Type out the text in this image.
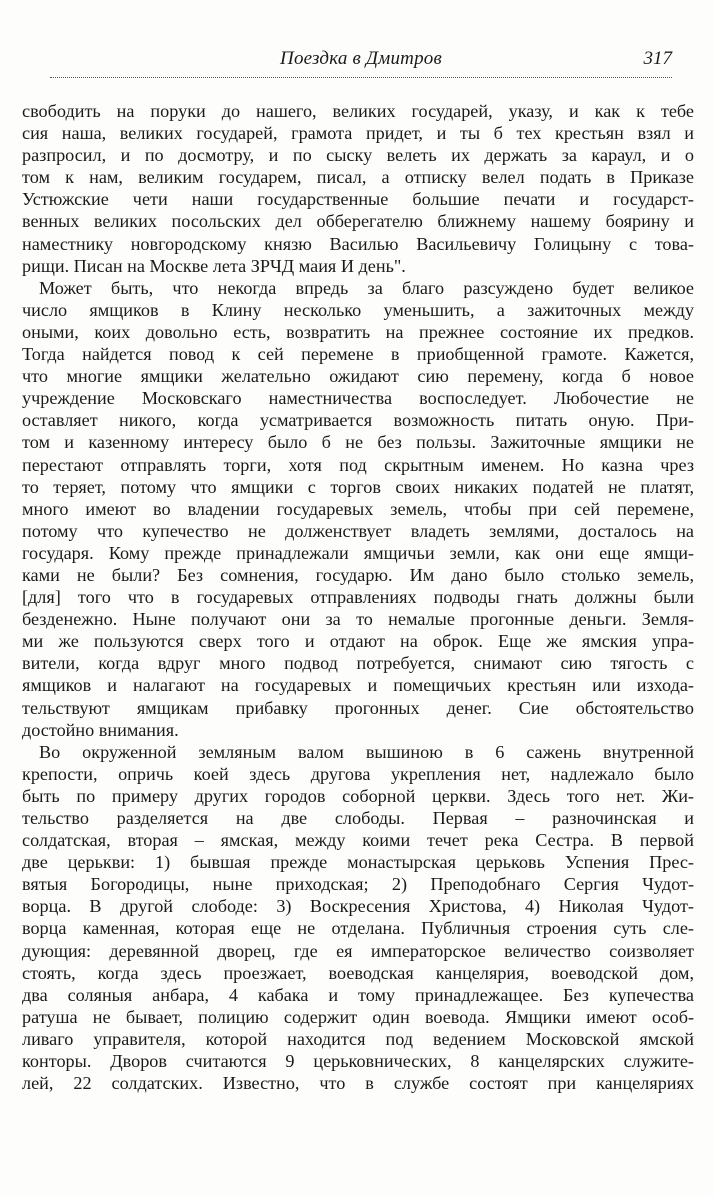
Поездка в Дмитров	317

свободить на поруки до нашего, великих государей, указу, и как к тебе
сия наша, великих государей, грамота придет, и ты б тех крестьян взял и
разпросил, и по досмотру, и по сыску велеть их держать за караул, и о
том к нам, великим государем, писал, а отписку велел подать в Приказе
Устюжские чети наши государственные большие печати и государст-
венных великих посольских дел обберегателю ближнему нашему боярину и
наместнику новгородскому князю Василью Васильевичу Голицыну с това-
рищи. Писан на Москве лета ЗРЧД маия И день".

Может быть, что некогда впредь за благо разсуждено будет великое
число ямщиков в Клину несколько уменьшить, а зажиточных между
оными, коих довольно есть, возвратить на прежнее состояние их предков.
Тогда найдется повод к сей перемене в приобщенной грамоте. Кажется,
что многие ямщики желательно ожидают сию перемену, когда б новое
учреждение Московскаго наместничества воспоследует. Любочестие не
оставляет никого, когда усматривается возможность питать оную. При-
том и казенному интересу было б не без пользы. Зажиточные ямщики не
перестают отправлять торги, хотя под скрытным именем. Но казна чрез
то теряет, потому что ямщики с торгов своих никаких податей не платят,
много имеют во владении государевых земель, чтобы при сей перемене,
потому что купечество не долженствует владеть землями, досталось на
государя. Кому прежде принадлежали ямщичьи земли, как они еще ямщи-
ками не были? Без сомнения, государю. Им дано было столько земель,
[для] того что в государевых отправлениях подводы гнать должны были
безденежно. Ныне получают они за то немалые прогонные деньги. Земля-
ми же пользуются сверх того и отдают на оброк. Еще же ямския упра-
вители, когда вдруг много подвод потребуется, снимают сию тягость с
ямщиков и налагают на государевых и помещичьих крестьян или изхода-
тельствуют ямщикам прибавку прогонных денег. Сие обстоятельство
достойно внимания.

Во окруженной земляным валом вышиною в 6 сажень внутренной
крепости, опричь коей здесь другова укрепления нет, надлежало было
быть по примеру других городов соборной церкви. Здесь того нет. Жи-
тельство разделяется на две слободы. Первая – разночинская и
солдатская, вторая – ямская, между коими течет река Сестра. В первой
две церькви: 1) бывшая прежде монастырская церьковь Успения Прес-
вятыя Богородицы, ныне приходская; 2) Преподобнаго Сергия Чудот-
ворца. В другой слободе: 3) Воскресения Христова, 4) Николая Чудот-
ворца каменная, которая еще не отделана. Публичныя строения суть сле-
дующия: деревянной дворец, где ея императорское величество соизволяет
стоять, когда здесь проезжает, воеводская канцелярия, воеводской дом,
два соляныя анбара, 4 кабака и тому принадлежащее. Без купечества
ратуша не бывает, полицию содержит один воевода. Ямщики имеют особ-
ливаго управителя, которой находится под ведением Московской ямской
конторы. Дворов считаются 9 церьковнических, 8 канцелярских служите-
лей, 22 солдатских. Известно, что в службе состоят при канцеляриях
